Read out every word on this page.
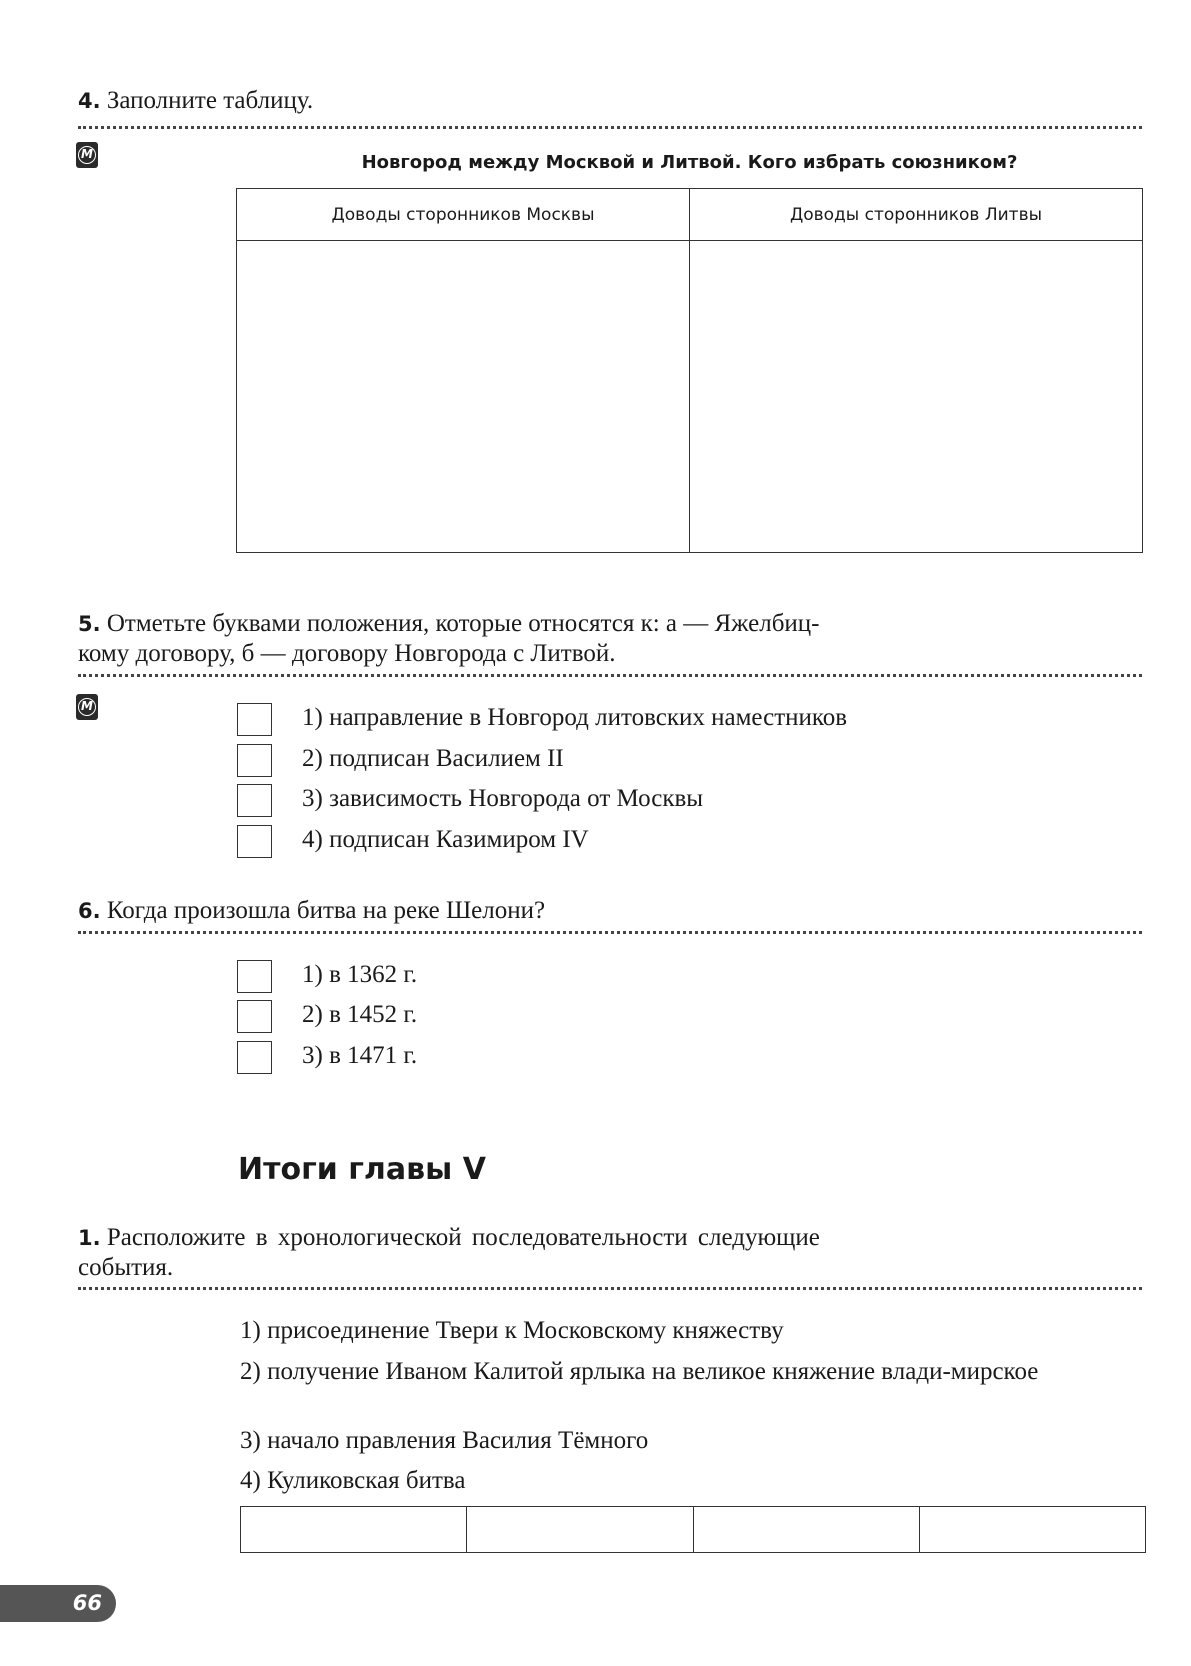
4. Заполните таблицу.
M	Новгород между Москвой и Литвой. Кого избрать союзником?
Доводы сторонников Москвы	Доводы сторонников Литвы

5. Отметьте буквами положения, которые относятся к: а — Яжелбиц-
кому договору, б — договору Новгорода с Литвой.
M	1) направление в Новгород литовских наместников
2) подписан Василием II
3) зависимость Новгорода от Москвы
4) подписан Казимиром IV
6. Когда произошла битва на реке Шелони?
1) в 1362 г.
2) в 1452 г.
3) в 1471 г.
Итоги главы V
1. Расположите в хронологической последовательности следующие
события.
1) присоединение Твери к Московскому княжеству
2) получение Иваном Калитой ярлыка на великое княжение влади-мирское
3) начало правления Василия Тёмного
4) Куликовская битва

66
